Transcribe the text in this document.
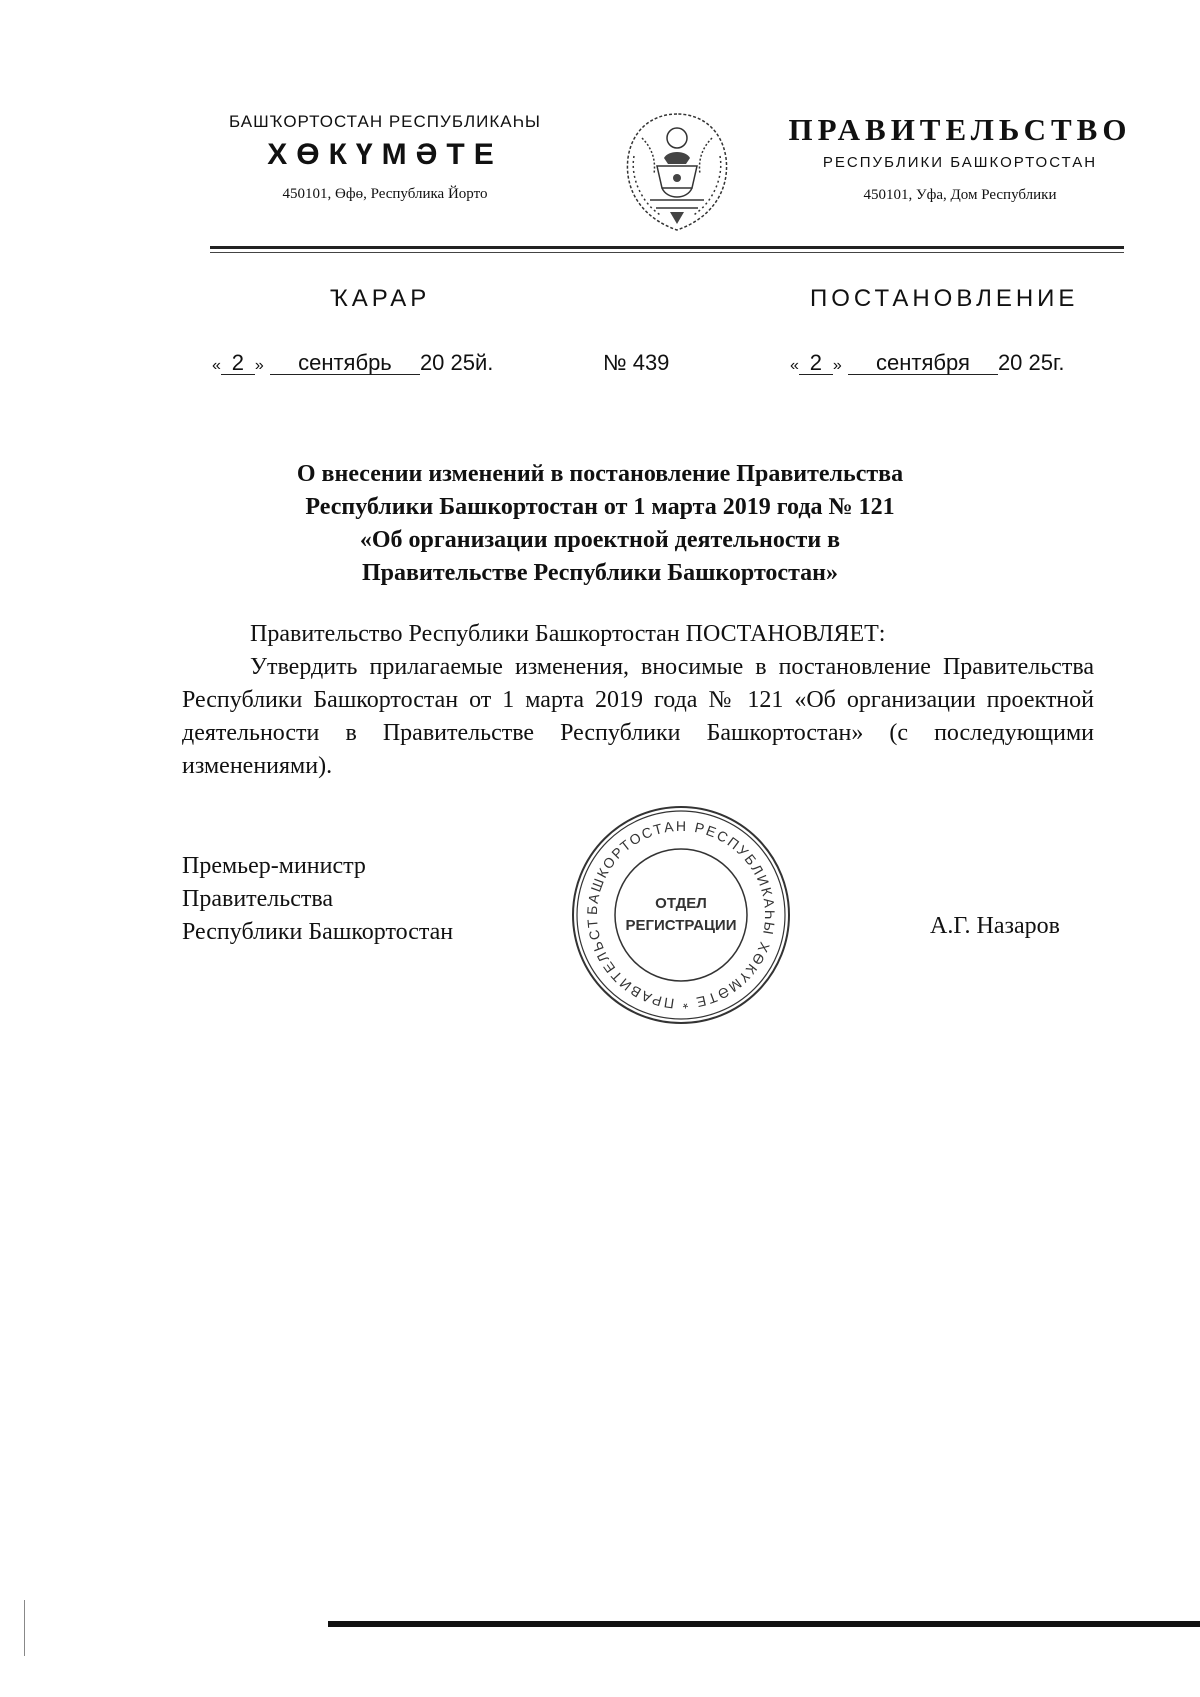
БАШҠОРТОСТАН РЕСПУБЛИКАҺЫ
ХӨКҮМӘТЕ
450101, Өфө, Республика Йорто
ПРАВИТЕЛЬСТВО
РЕСПУБЛИКИ БАШКОРТОСТАН
450101, Уфа, Дом Республики
ҠАРАР	ПОСТАНОВЛЕНИЕ
« 2 » сентябрь 20 25й.	№ 439	« 2 » сентября 20 25г.
О внесении изменений в постановление Правительства
Республики Башкортостан от 1 марта 2019 года № 121
«Об организации проектной деятельности в
Правительстве Республики Башкортостан»
Правительство Республики Башкортостан ПОСТАНОВЛЯЕТ:
Утвердить прилагаемые изменения, вносимые в постановление Правительства Республики Башкортостан от 1 марта 2019 года № 121 «Об организации проектной деятельности в Правительстве Республики Башкортостан» (с последующими изменениями).
Премьер-министр
Правительства
Республики Башкортостан	А.Г. Назаров
БАШКОРТОСТАН РЕСПУБЛИКАҺЫ ХӨКҮМӘТЕ * ПРАВИТЕЛЬСТ
ОТДЕЛ
РЕГИСТРАЦИИ
